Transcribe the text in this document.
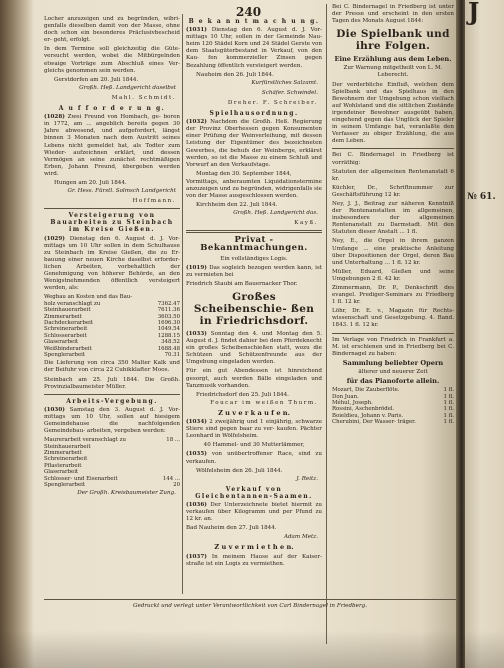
240

Locher anzuzeigen und zu begründen, wibri- genfalls dieselben damit von der Masse, ohne doch schon ein besonderes Präclusivbescheid er- geht, erfolgt.

In dem Termine soll gleichzeitig die Güte- versucht werden, wobei die Mitbürgelnden etwaige Vorträge zum Abschluß eines Ver- gleichs genommen sein werden.

Gerstdorfen am 20. Juli 1844.
Großh. Heß. Landgericht daselbst
Mahl. Schmidt.
A u f f o r d e r u n g.

(1028) Zwei Freund von Hombach, ge- boren in 1772, am ... angeblich bereits gegen 30 Jahre abwesend, und aufgefordert, längst binnen 3 Monaten nach dem Austritt seines Lebens nicht gemeldet hat, als Todter zum Wieder- aufzeichnen erklärt, und dessen Vermögen an seine zunächst rechtmäßigen Erben, Johann Freund, übergeben werden wird.

Hungen am 20. Juli 1844.
Gr. Hess. Fürstl. Solmsch Landgericht
Hoffmann.
Versteigerung von Bauarbeiten zu Steinbach im Kreise Gießen.

(1029) Dienstag den 6. August d. J. Vor- mittags um 10 Uhr sollen in dem Schulhause zu Steinbach im Kreise Gießen, die zu Er- bauung einer neuen Kirche daselbst erforder- lichen Arbeiten, vorbehaltlich der Genehmigung von höherer Behörde, an den Wenigstnehmenden öffentlich versteigert werden, als:

Wegbau an Kosten und das Bau-	
holz veranschlagt zu	7362.47
Steinhauerarbeit	7611.36
Zimmerarbeit	3603.50
Dachdeckerarbeit	1696.30
Schreinerarbeit	1049.54
Schlosserarbeit	1288.15
Glaserarbeit	348.52
Weißbinderarbeit	1688.48
Spenglerarbeit	70.31

Die Lieferung von circa 350 Malter Kalk und der Beifuhr von circa 22 Cubikklafter Moos.

Steinbach am 25. Juli 1844. Die Großh. Provinzialbaumeister Müller.

Arbeits-Vergebung.

(1030) Samstag den 3. August d. J. Vor- mittags um 10 Uhr, sollen auf hiesigem Gemeindehause die nachfolgenden Gemeindebau- arbeiten, vergeben werden:

Maurerarbeit veranschlagt zu	18 ...
Steinhauerarbeit	
Zimmerarbeit	
Schreinerarbeit	
Pflasterarbeit	
Glaserarbeit	
Schlosser- und Eisenarbeit	144 ...
Spenglerarbeit	20
Der Großh. Kreisbaumeister Zung.
B e k a n n t m a c h u n g.

(1031) Dienstag den 6. August d. J. Vor- mittags 10 Uhr, sollen in der Gemeinde Nau- heim 120 Städel Korn und 24 Städel Gerste von dem Staatsgüterbestand in Verkauf, von den Kau- fen kommerzieller Zinsen gegen Bezahlung öffentlich versteigert werden.

Nauheim den 26. Juli 1844.
Kurfürstliches Salzamt.
Schäfer. Schwindel.
Dreher. F. Schreiber.
Spielhausordnung.

(1032) Nachdem die Großh. Heß. Regierung der Provinz Oberhessen gegen Konsumenten einer Prüfung der Weinverleihung, mit dessen Leistung der Eigentümer des bezeichneten Gewerbes, die behufs der Weinberge, erkläret werden, so ist die Masse zu einem Schluß und Vorwurf an den Verkaufstage.

Montag den 30. September 1844,

Vormittags, anberaumten Liquidationstermine anzuzeigen und zu begründen, widrigenfalls sie von der Masse ausgeschlossen werden.

Kirchheim den 22. Juli 1844.
Großh. Heß. Landgericht das.
Kayß.
Privat - Bekanntmachungen.
Ein vollständiges Logis.

(1019) Das sogleich bezogen werden kann, ist zu vermieten bei

Friedrich Staubi am Bauernacker Thor.

Großes Scheibenschie- ßen in Friedrichsdorf.

(1033) Sonntag den 4. und Montag den 5. August d. J. findet dahier bei dem Pferdeknecht ein großes Scheibenschießen statt, wozu die Schützen und Schützenfreunde aus der Umgebung eingeladen werden.

Für ein gut Abendessen ist hinreichend gesorgt, auch werden Bälle eingeladen und Tanzmusik vorhanden.

Friedrichsdorf den 25. Juli 1844.
Foucar im weißen Thurm.
Z u v e r k a u f e n.

(1034) 2 zweijährig und 1 einjährig, schwarze Stiere sind gegen baar zu ver- kaufen. Pächter Leonhard in Wölfelsheim.

40 Hammel- und 30 Mutterlämmer,

(1035) von unübertroffener Race, sind zu verkaufen.

Wölfelsheim den 26. Juli 1844.
J. Reitz.
Verkauf von Gleichentannen-Saamen.

(1036) Der Unterzeichnete bietet hiermit zu verkaufen über Kilogramm und per Pfund zu 12 kr. an.

Bad Nauheim den 27. Juli 1844.

Adam Metz.
Z u v e r m i e t h e n.

(1037) In meinem Hause auf der Kaiser- straße ist ein Logis zu vermiethen.

Bei C. Bindernagel in Friedberg ist unter der Presse und erscheint in den ersten Tagen des Monats August 1844:

Die Spielbank und ihre Folgen.
Eine Erzählung aus dem Leben.
Zur Warnung mitgetheilt von L. M. Leberecht.

Der verderbliche Einfluß, welchen dem Spielbank und das Spielhaus in den Bewohnern der Umgebung schon vielfach auf Wohlstand und die sittlichen Zustände irgendeiner Bewohner ausgeübt haben, eingehend gegen das Unglück der Spieler in seinem Umfange hat, veranlaßte den Verfasser zu obiger Erzählung, die aus dem Leben.

Bei C. Bindernagel in Friedberg ist vorräthig:

Statuten der allgemeinen Rentenanstalt 6 kr.

Küchler, Dr., Schriftnummer zur Geschäftsführung 12 kr.

Ney, J. J., Beitrag zur näheren Kenntniß der Rentenanstalten im allgemeinen, insbesondere der allgemeinen Rentenanstalt zu Darmstadt. Mit den Statuten dieser Anstalt ... 1 fl.

Ney, E., die Orgel in ihrem ganzen Umfange ... eine praktische Anleitung über Dispositionen der Orgel, deren Bau und Unterhaltung ... 1 fl. 12 kr.

Müller, Eduard, Gießen und seine Umgebungen 2 fl. 42 kr.

Zimmermann, Dr. P., Denkschrift des evangel. Prediger-Seminars zu Friedberg 1 fl. 12 kr.

Löhr, Dr. E. v., Magazin für Rechts- wissenschaft und Gesetzgebung. 4. Band. 1843. 1 fl. 12 kr.

Im Verlage von Friedrich in Frankfurt a. M. ist erschienen und in Friedberg bei C. Bindernagel zu haben:

Sammlung beliebter Opern
älterer und neuerer Zeit
für das Pianoforte allein.
Mozart, Die Zauberflöte.	1 fl.
Don Juan.	1 fl.
Méhul, Joseph.	1 fl.
Rossini, Aschenbrödel.	1 fl.
Boieldieu, Johann v. Paris.	1 fl.
Cherubini, Der Wasser- träger.	1 fl.
Gedruckt und verlegt unter Verantwortlichkeit von Carl Bindernagel in Friedberg.
J
№ 61.
